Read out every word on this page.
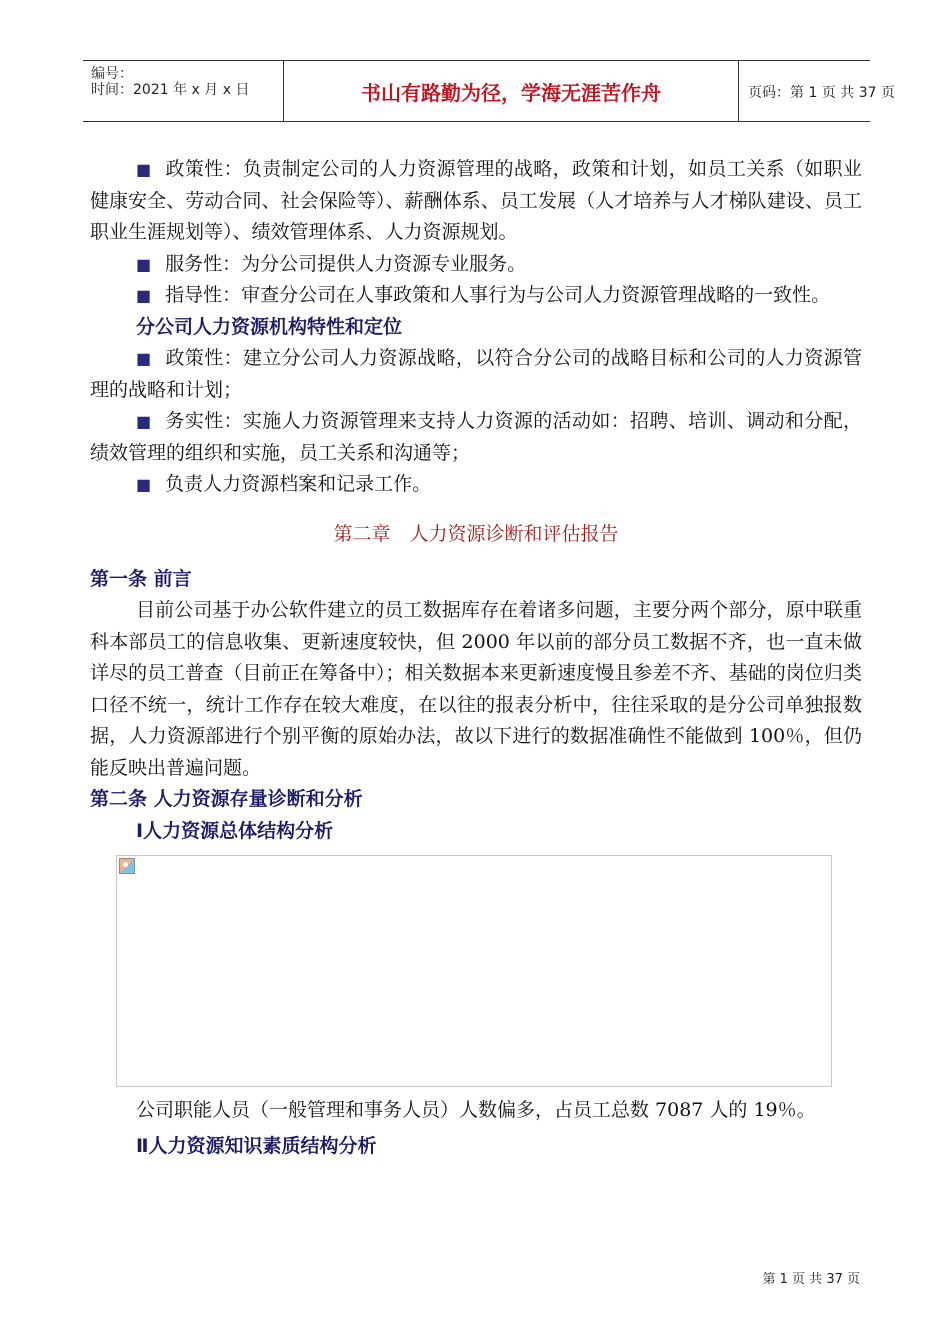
编号：
时间：2021 年 x 月 x 日	书山有路勤为径，学海无涯苦作舟	页码：第 1 页 共 37 页

■ 政策性：负责制定公司的人力资源管理的战略，政策和计划，如员工关系（如职业健康安全、劳动合同、社会保险等）、薪酬体系、员工发展（人才培养与人才梯队建设、员工职业生涯规划等）、绩效管理体系、人力资源规划。

■ 服务性：为分公司提供人力资源专业服务。

■ 指导性：审查分公司在人事政策和人事行为与公司人力资源管理战略的一致性。

分公司人力资源机构特性和定位

■ 政策性：建立分公司人力资源战略，以符合分公司的战略目标和公司的人力资源管理的战略和计划；

■ 务实性：实施人力资源管理来支持人力资源的活动如：招聘、培训、调动和分配，绩效管理的组织和实施，员工关系和沟通等；

■ 负责人力资源档案和记录工作。

第二章　人力资源诊断和评估报告

第一条 前言

目前公司基于办公软件建立的员工数据库存在着诸多问题，主要分两个部分，原中联重科本部员工的信息收集、更新速度较快，但 2000 年以前的部分员工数据不齐，也一直未做详尽的员工普查（目前正在筹备中）；相关数据本来更新速度慢且参差不齐、基础的岗位归类口径不统一，统计工作存在较大难度，在以往的报表分析中，往往采取的是分公司单独报数据，人力资源部进行个别平衡的原始办法，故以下进行的数据准确性不能做到 100％，但仍能反映出普遍问题。

第二条 人力资源存量诊断和分析

Ⅰ人力资源总体结构分析

公司职能人员（一般管理和事务人员）人数偏多，占员工总数 7087 人的 19％。

Ⅱ人力资源知识素质结构分析

第 1 页 共 37 页
